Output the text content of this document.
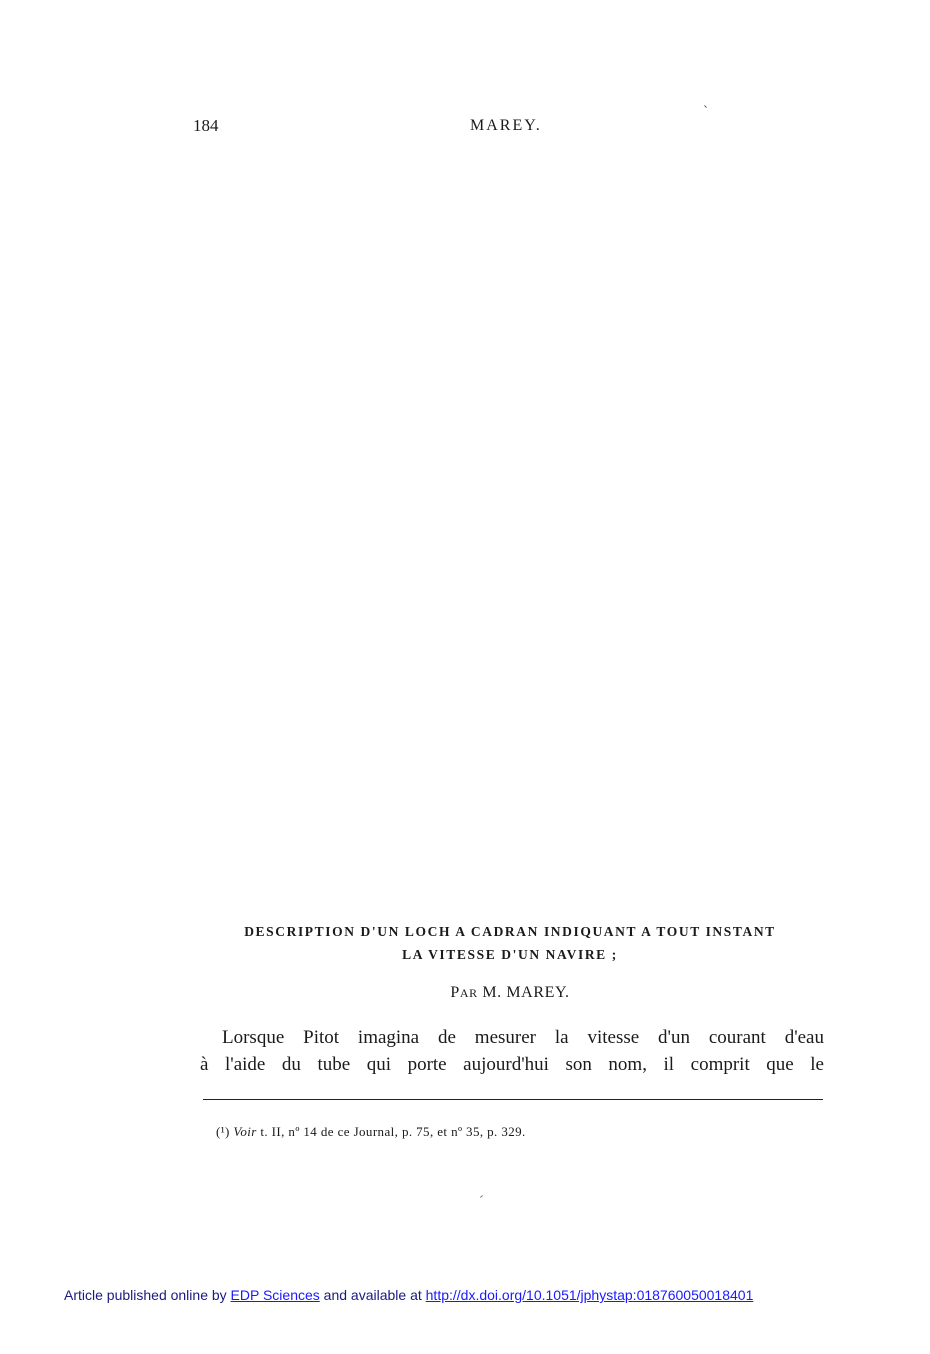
184	MAREY.
DESCRIPTION D'UN LOCH A CADRAN INDIQUANT A TOUT INSTANT
LA VITESSE D'UN NAVIRE ;
PAR M. MAREY.
Lorsque Pitot imagina de mesurer la vitesse d'un courant d'eau
à l'aide du tube qui porte aujourd'hui son nom, il comprit que le
(¹) Voir t. II, nº 14 de ce Journal, p. 75, et nº 35, p. 329.
Article published online by EDP Sciences and available at http://dx.doi.org/10.1051/jphystap:018760050018401
